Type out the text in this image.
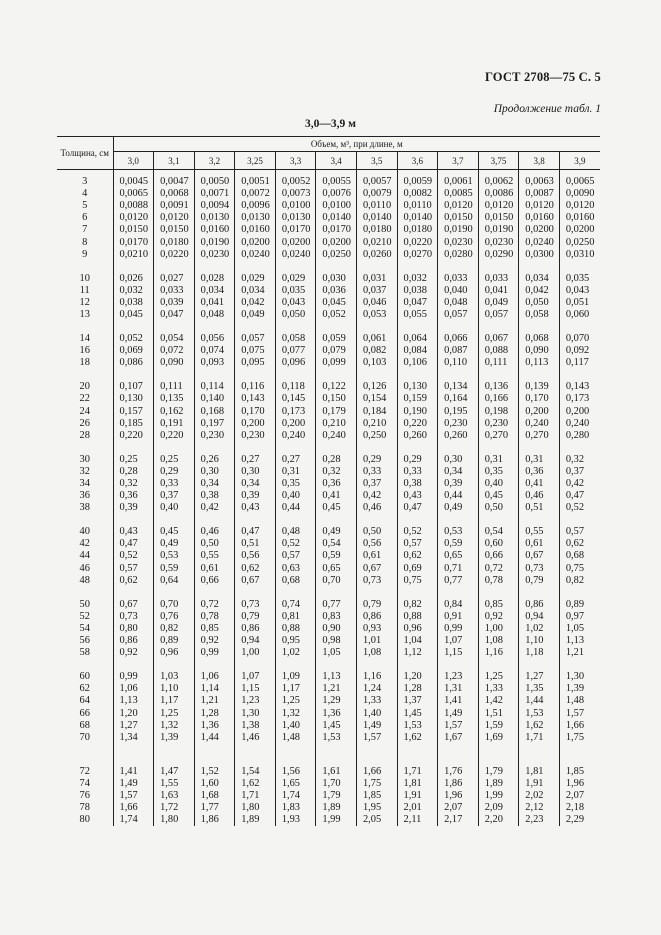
ГОСТ 2708—75 С. 5
Продолжение табл. 1
3,0—3,9 м
Толщина, см	Объем, м³, при длине, м											
	3,0	3,1	3,2	3,25	3,3	3,4	3,5	3,6	3,7	3,75	3,8	3,9

3	0,0045	0,0047	0,0050	0,0051	0,0052	0,0055	0,0057	0,0059	0,0061	0,0062	0,0063	0,0065
4	0,0065	0,0068	0,0071	0,0072	0,0073	0,0076	0,0079	0,0082	0,0085	0,0086	0,0087	0,0090
5	0,0088	0,0091	0,0094	0,0096	0,0100	0,0100	0,0110	0,0110	0,0120	0,0120	0,0120	0,0120
6	0,0120	0,0120	0,0130	0,0130	0,0130	0,0140	0,0140	0,0140	0,0150	0,0150	0,0160	0,0160
7	0,0150	0,0150	0,0160	0,0160	0,0170	0,0170	0,0180	0,0180	0,0190	0,0190	0,0200	0,0200
8	0,0170	0,0180	0,0190	0,0200	0,0200	0,0200	0,0210	0,0220	0,0230	0,0230	0,0240	0,0250
9	0,0210	0,0220	0,0230	0,0240	0,0240	0,0250	0,0260	0,0270	0,0280	0,0290	0,0300	0,0310

10	0,026	0,027	0,028	0,029	0,029	0,030	0,031	0,032	0,033	0,033	0,034	0,035
11	0,032	0,033	0,034	0,034	0,035	0,036	0,037	0,038	0,040	0,041	0,042	0,043
12	0,038	0,039	0,041	0,042	0,043	0,045	0,046	0,047	0,048	0,049	0,050	0,051
13	0,045	0,047	0,048	0,049	0,050	0,052	0,053	0,055	0,057	0,057	0,058	0,060

14	0,052	0,054	0,056	0,057	0,058	0,059	0,061	0,064	0,066	0,067	0,068	0,070
16	0,069	0,072	0,074	0,075	0,077	0,079	0,082	0,084	0,087	0,088	0,090	0,092
18	0,086	0,090	0,093	0,095	0,096	0,099	0,103	0,106	0,110	0,111	0,113	0,117

20	0,107	0,111	0,114	0,116	0,118	0,122	0,126	0,130	0,134	0,136	0,139	0,143
22	0,130	0,135	0,140	0,143	0,145	0,150	0,154	0,159	0,164	0,166	0,170	0,173
24	0,157	0,162	0,168	0,170	0,173	0,179	0,184	0,190	0,195	0,198	0,200	0,200
26	0,185	0,191	0,197	0,200	0,200	0,210	0,210	0,220	0,230	0,230	0,240	0,240
28	0,220	0,220	0,230	0,230	0,240	0,240	0,250	0,260	0,260	0,270	0,270	0,280

30	0,25	0,25	0,26	0,27	0,27	0,28	0,29	0,29	0,30	0,31	0,31	0,32
32	0,28	0,29	0,30	0,30	0,31	0,32	0,33	0,33	0,34	0,35	0,36	0,37
34	0,32	0,33	0,34	0,34	0,35	0,36	0,37	0,38	0,39	0,40	0,41	0,42
36	0,36	0,37	0,38	0,39	0,40	0,41	0,42	0,43	0,44	0,45	0,46	0,47
38	0,39	0,40	0,42	0,43	0,44	0,45	0,46	0,47	0,49	0,50	0,51	0,52

40	0,43	0,45	0,46	0,47	0,48	0,49	0,50	0,52	0,53	0,54	0,55	0,57
42	0,47	0,49	0,50	0,51	0,52	0,54	0,56	0,57	0,59	0,60	0,61	0,62
44	0,52	0,53	0,55	0,56	0,57	0,59	0,61	0,62	0,65	0,66	0,67	0,68
46	0,57	0,59	0,61	0,62	0,63	0,65	0,67	0,69	0,71	0,72	0,73	0,75
48	0,62	0,64	0,66	0,67	0,68	0,70	0,73	0,75	0,77	0,78	0,79	0,82

50	0,67	0,70	0,72	0,73	0,74	0,77	0,79	0,82	0,84	0,85	0,86	0,89
52	0,73	0,76	0,78	0,79	0,81	0,83	0,86	0,88	0,91	0,92	0,94	0,97
54	0,80	0,82	0,85	0,86	0,88	0,90	0,93	0,96	0,99	1,00	1,02	1,05
56	0,86	0,89	0,92	0,94	0,95	0,98	1,01	1,04	1,07	1,08	1,10	1,13
58	0,92	0,96	0,99	1,00	1,02	1,05	1,08	1,12	1,15	1,16	1,18	1,21

60	0,99	1,03	1,06	1,07	1,09	1,13	1,16	1,20	1,23	1,25	1,27	1,30
62	1,06	1,10	1,14	1,15	1,17	1,21	1,24	1,28	1,31	1,33	1,35	1,39
64	1,13	1,17	1,21	1,23	1,25	1,29	1,33	1,37	1,41	1,42	1,44	1,48
66	1,20	1,25	1,28	1,30	1,32	1,36	1,40	1,45	1,49	1,51	1,53	1,57
68	1,27	1,32	1,36	1,38	1,40	1,45	1,49	1,53	1,57	1,59	1,62	1,66
70	1,34	1,39	1,44	1,46	1,48	1,53	1,57	1,62	1,67	1,69	1,71	1,75

72	1,41	1,47	1,52	1,54	1,56	1,61	1,66	1,71	1,76	1,79	1,81	1,85
74	1,49	1,55	1,60	1,62	1,65	1,70	1,75	1,81	1,86	1,89	1,91	1,96
76	1,57	1,63	1,68	1,71	1,74	1,79	1,85	1,91	1,96	1,99	2,02	2,07
78	1,66	1,72	1,77	1,80	1,83	1,89	1,95	2,01	2,07	2,09	2,12	2,18
80	1,74	1,80	1,86	1,89	1,93	1,99	2,05	2,11	2,17	2,20	2,23	2,29
